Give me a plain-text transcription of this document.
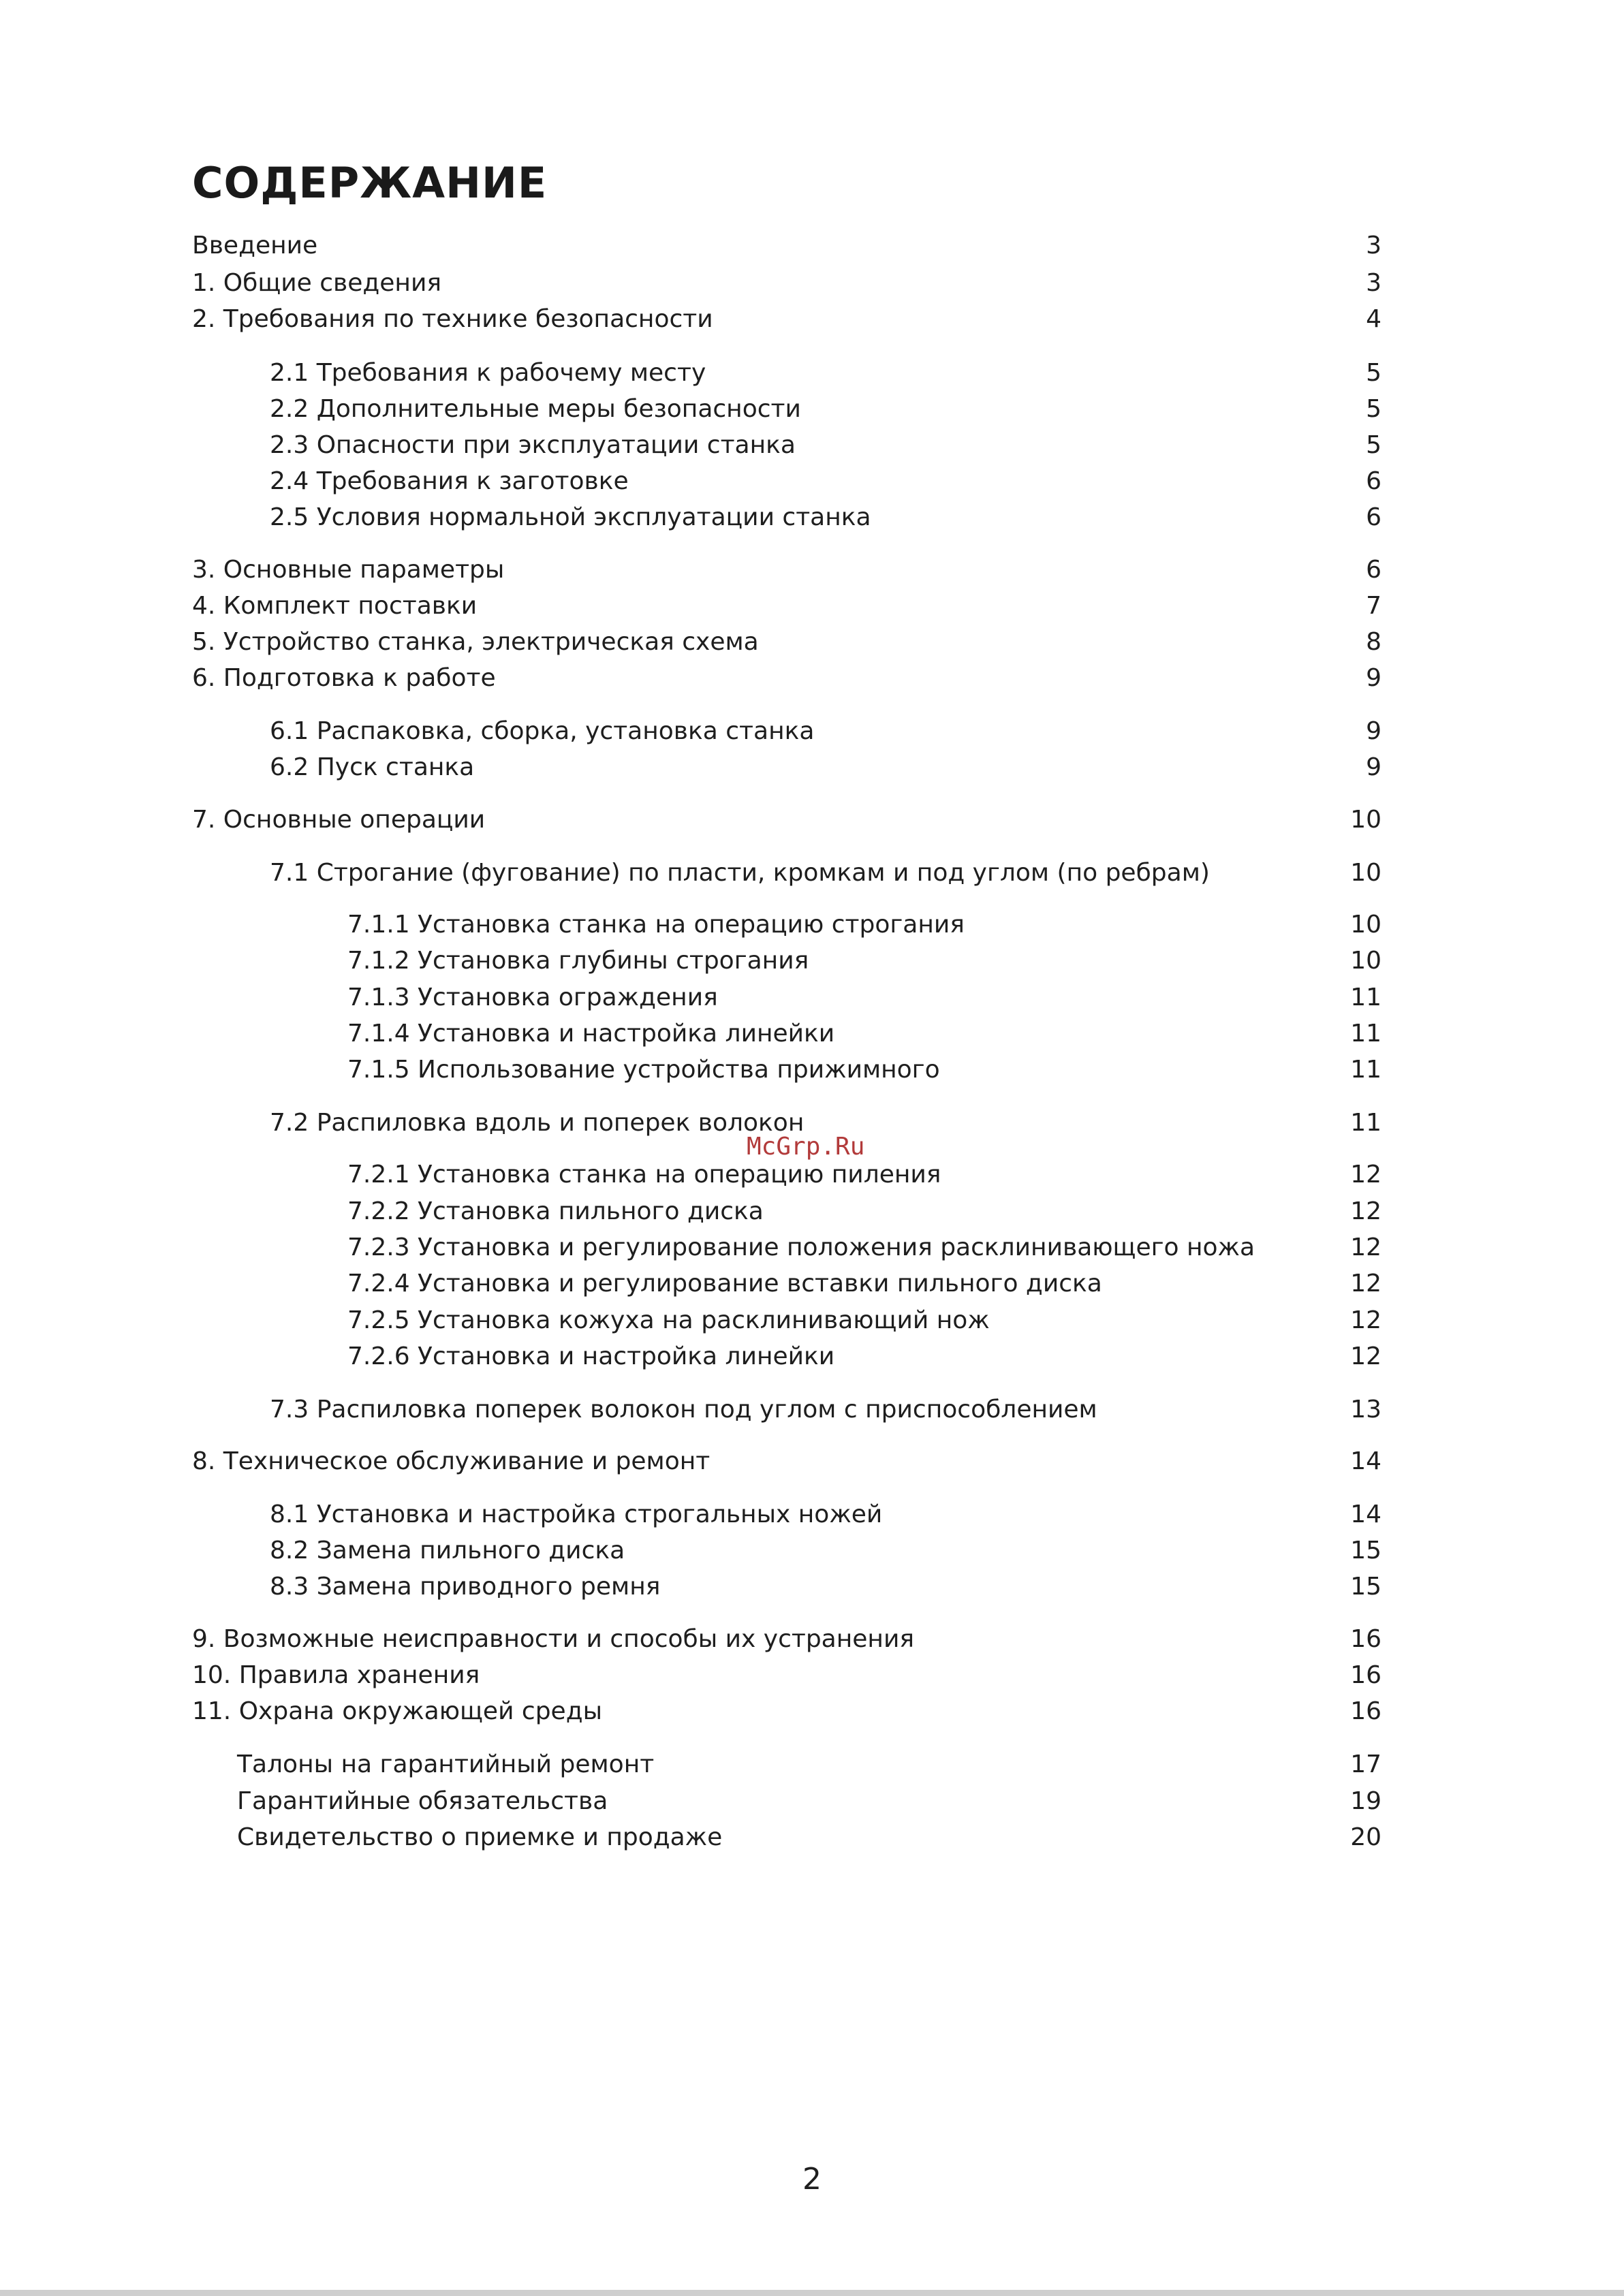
СОДЕРЖАНИЕ
Введение	3
1. Общие сведения	3
2. Требования по технике безопасности	4
2.1 Требования к рабочему месту	5
2.2 Дополнительные меры безопасности	5
2.3 Опасности при эксплуатации станка	5
2.4 Требования к заготовке	6
2.5 Условия нормальной эксплуатации станка	6
3. Основные параметры	6
4. Комплект поставки	7
5. Устройство станка, электрическая схема	8
6. Подготовка к работе	9
6.1 Распаковка, сборка, установка станка	9
6.2 Пуск станка	9
7. Основные операции	10
7.1 Строгание (фугование) по пласти, кромкам и под углом (по ребрам)	10
7.1.1 Установка станка на операцию строгания	10
7.1.2 Установка глубины строгания	10
7.1.3 Установка ограждения	11
7.1.4 Установка и настройка линейки	11
7.1.5 Использование устройства прижимного	11
7.2 Распиловка вдоль и поперек волокон	11
7.2.1 Установка станка на операцию пиления	12
7.2.2 Установка пильного диска	12
7.2.3 Установка и регулирование положения расклинивающего ножа	12
7.2.4 Установка и регулирование вставки пильного диска	12
7.2.5 Установка кожуха на расклинивающий нож	12
7.2.6 Установка и настройка линейки	12
7.3 Распиловка поперек волокон под углом с приспособлением	13
8. Техническое обслуживание и ремонт	14
8.1 Установка и настройка строгальных ножей	14
8.2 Замена пильного диска	15
8.3 Замена приводного ремня	15
9. Возможные неисправности и способы их устранения	16
10. Правила хранения	16
11. Охрана окружающей среды	16
Талоны на гарантийный ремонт	17
Гарантийные обязательства	19
Свидетельство о приемке и продаже	20
McGrp.Ru
2
